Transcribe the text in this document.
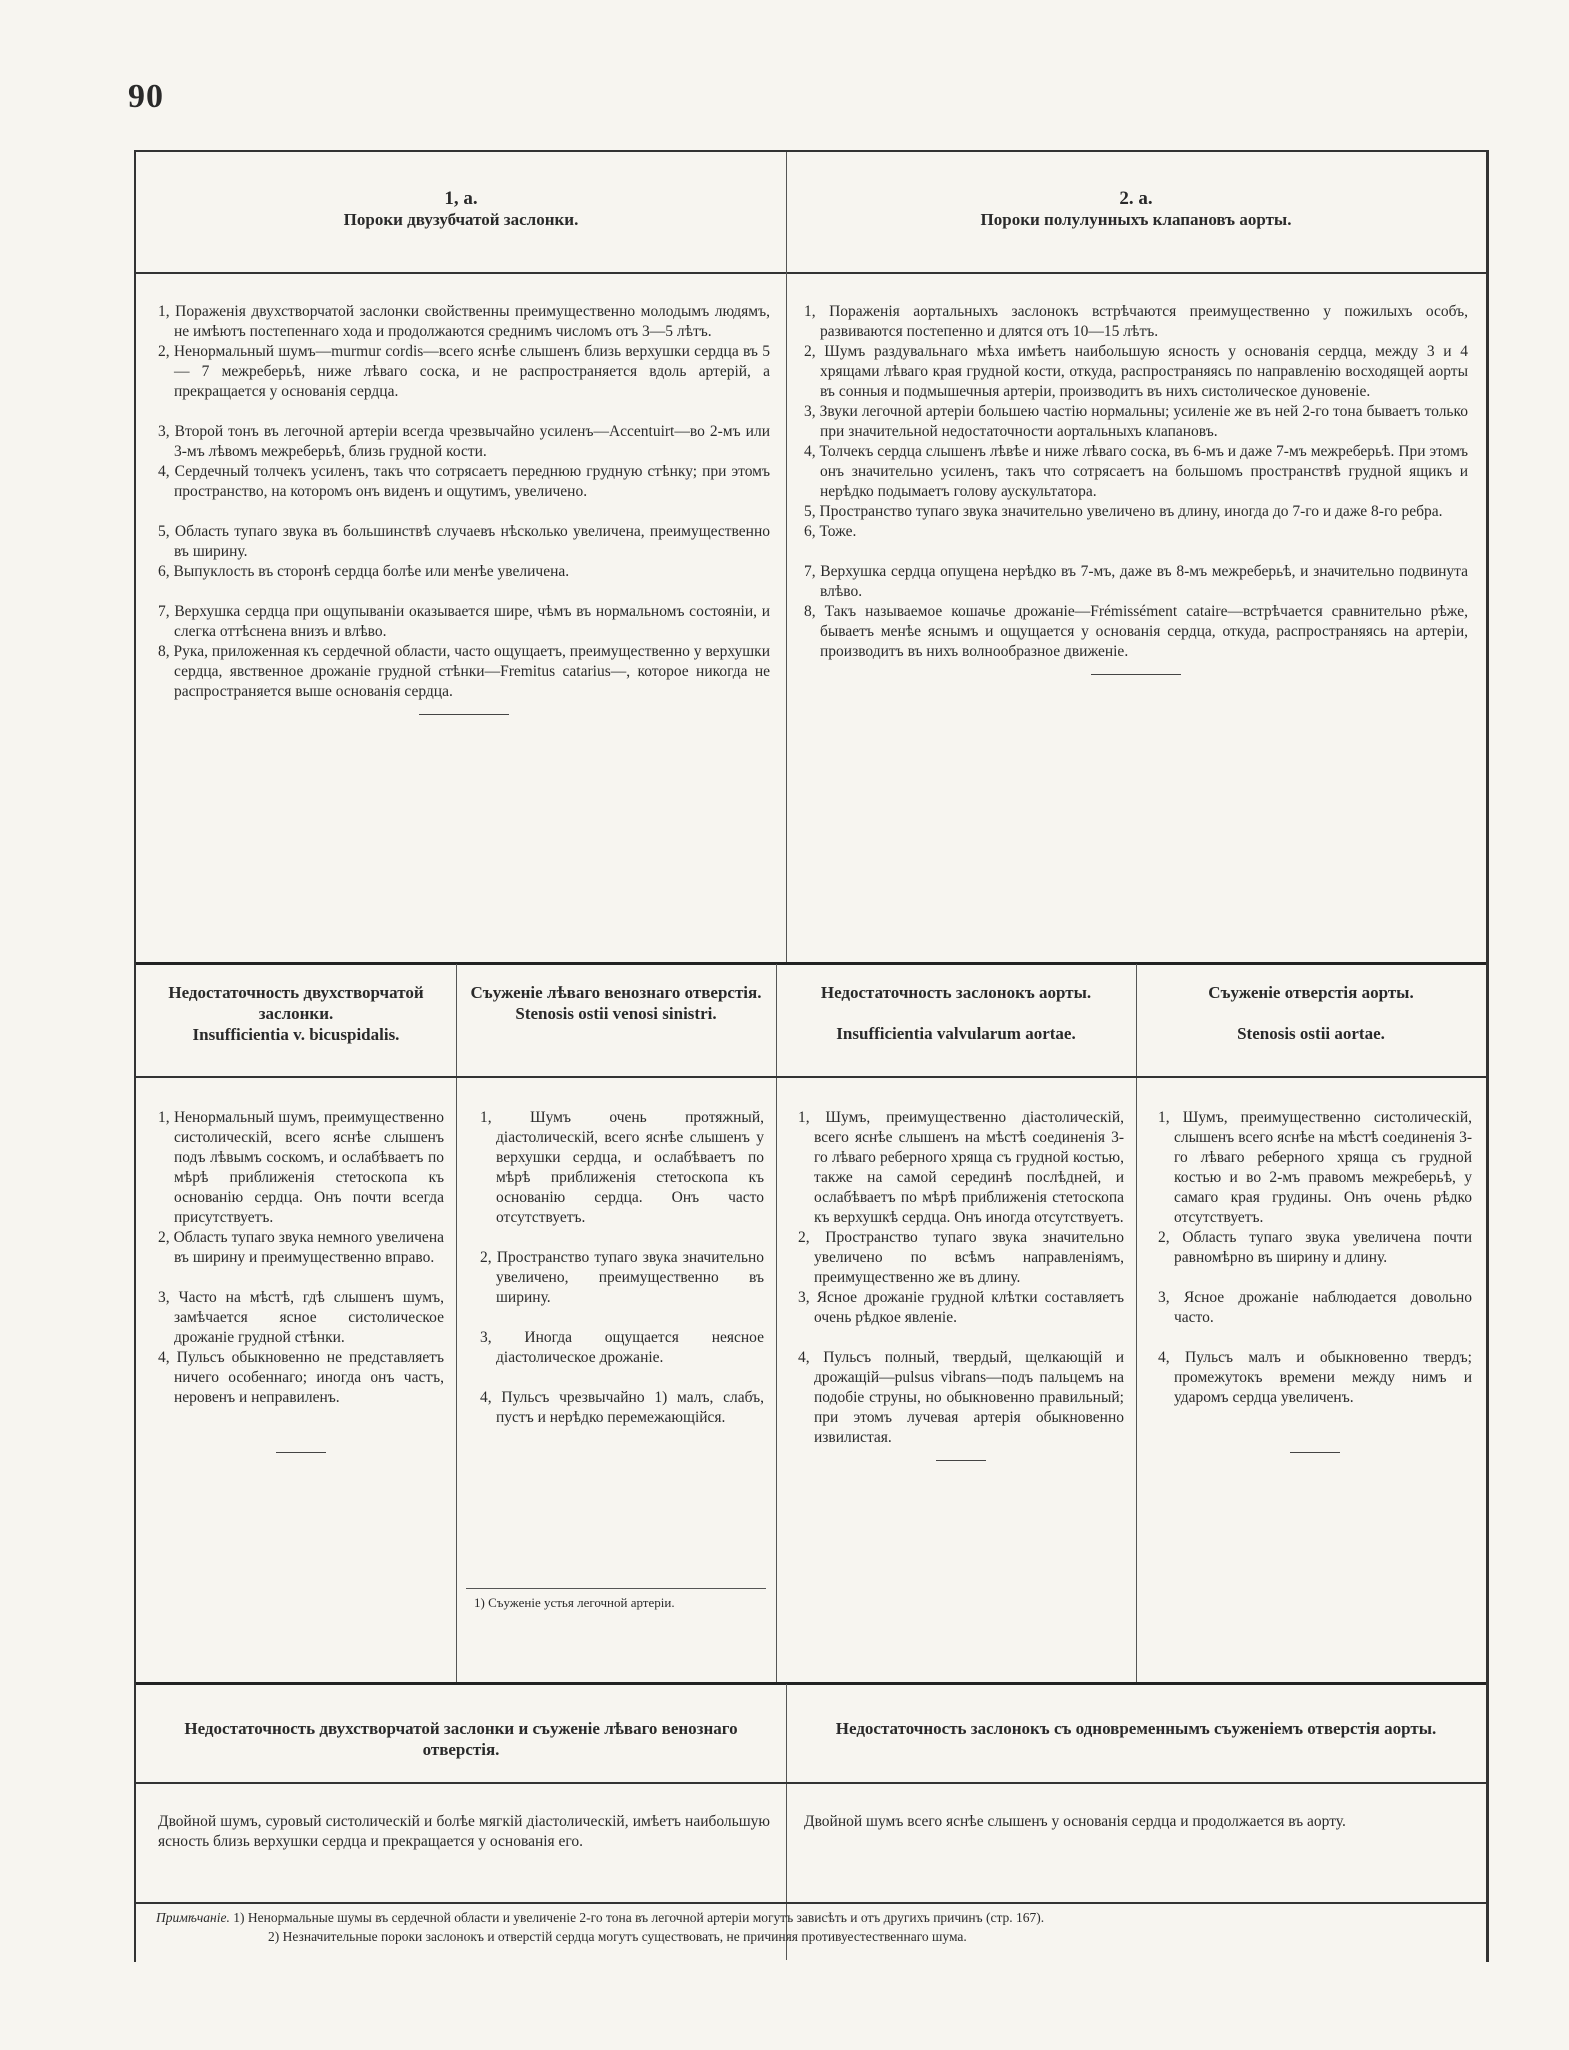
90
1, a.
Пороки двузубчатой заслонки.
2. a.
Пороки полулунныхъ клапановъ аорты.
1, Пораженія двухстворчатой заслонки свойственны преимущественно молодымъ людямъ, не имѣютъ постепеннаго хода и продолжаются среднимъ числомъ отъ 3—5 лѣтъ.
2, Ненормальный шумъ—murmur cordis—всего яснѣе слышенъ близь верхушки сердца въ 5 — 7 межреберьѣ, ниже лѣваго соска, и не распространяется вдоль артерій, а прекращается у основанія сердца.
3, Второй тонъ въ легочной артеріи всегда чрезвычайно усиленъ—Accentuirt—во 2-мъ или 3-мъ лѣвомъ межреберьѣ, близь грудной кости.
4, Сердечный толчекъ усиленъ, такъ что сотрясаетъ переднюю грудную стѣнку; при этомъ пространство, на которомъ онъ виденъ и ощутимъ, увеличено.
5, Область тупаго звука въ большинствѣ случаевъ нѣсколько увеличена, преимущественно въ ширину.
6, Выпуклость въ сторонѣ сердца болѣе или менѣе увеличена.
7, Верхушка сердца при ощупываніи оказывается шире, чѣмъ въ нормальномъ состояніи, и слегка оттѣснена внизъ и влѣво.
8, Рука, приложенная къ сердечной области, часто ощущаетъ, преимущественно у верхушки сердца, явственное дрожаніе грудной стѣнки—Fremitus catarius—, которое никогда не распространяется выше основанія сердца.
1, Пораженія аортальныхъ заслонокъ встрѣчаются преимущественно у пожилыхъ особъ, развиваются постепенно и длятся отъ 10—15 лѣтъ.
2, Шумъ раздувальнаго мѣха имѣетъ наибольшую ясность у основанія сердца, между 3 и 4 хрящами лѣваго края грудной кости, откуда, распространяясь по направленію восходящей аорты въ сонныя и подмышечныя артеріи, производитъ въ нихъ систолическое дуновеніе.
3, Звуки легочной артеріи большею частію нормальны; усиленіе же въ ней 2-го тона бываетъ только при значительной недостаточности аортальныхъ клапановъ.
4, Толчекъ сердца слышенъ лѣвѣе и ниже лѣваго соска, въ 6-мъ и даже 7-мъ межреберьѣ. При этомъ онъ значительно усиленъ, такъ что сотрясаетъ на большомъ пространствѣ грудной ящикъ и нерѣдко подымаетъ голову аускультатора.
5, Пространство тупаго звука значительно увеличено въ длину, иногда до 7-го и даже 8-го ребра.
6, Тоже.
7, Верхушка сердца опущена нерѣдко въ 7-мъ, даже въ 8-мъ межреберьѣ, и значительно подвинута влѣво.
8, Такъ называемое кошачье дрожаніе—Frémissément cataire—встрѣчается сравнительно рѣже, бываетъ менѣе яснымъ и ощущается у основанія сердца, откуда, распространяясь на артеріи, производитъ въ нихъ волнообразное движеніе.
Недостаточность двухстворчатой заслонки.
Insufficientia v. bicuspidalis.
Съуженіе лѣваго венознаго отверстія.
Stenosis ostii venosi sinistri.
Недостаточность заслонокъ аорты.
Insufficientia valvularum aortae.
Съуженіе отверстія аорты.
Stenosis ostii aortae.
1, Ненормальный шумъ, преимущественно систолическій, всего яснѣе слышенъ подъ лѣвымъ соскомъ, и ослабѣваетъ по мѣрѣ приближенія стетоскопа къ основанію сердца. Онъ почти всегда присутствуетъ.
2, Область тупаго звука немного увеличена въ ширину и преимущественно вправо.
3, Часто на мѣстѣ, гдѣ слышенъ шумъ, замѣчается ясное систолическое дрожаніе грудной стѣнки.
4, Пульсъ обыкновенно не представляетъ ничего особеннаго; иногда онъ частъ, неровенъ и неправиленъ.
1, Шумъ очень протяжный, діастолическій, всего яснѣе слышенъ у верхушки сердца, и ослабѣваетъ по мѣрѣ приближенія стетоскопа къ основанію сердца. Онъ часто отсутствуетъ.
2, Пространство тупаго звука значительно увеличено, преимущественно въ ширину.
3, Иногда ощущается неясное діастолическое дрожаніе.
4, Пульсъ чрезвычайно 1) малъ, слабъ, пустъ и нерѣдко перемежающійся.
1) Съуженіе устья легочной артеріи.
1, Шумъ, преимущественно діастолическій, всего яснѣе слышенъ на мѣстѣ соединенія 3-го лѣваго реберного хряща съ грудной костью, также на самой серединѣ послѣдней, и ослабѣваетъ по мѣрѣ приближенія стетоскопа къ верхушкѣ сердца. Онъ иногда отсутствуетъ.
2, Пространство тупаго звука значительно увеличено по всѣмъ направленіямъ, преимущественно же въ длину.
3, Ясное дрожаніе грудной клѣтки составляетъ очень рѣдкое явленіе.
4, Пульсъ полный, твердый, щелкающій и дрожащій—pulsus vibrans—подъ пальцемъ на подобіе струны, но обыкновенно правильный; при этомъ лучевая артерія обыкновенно извилистая.
1, Шумъ, преимущественно систолическій, слышенъ всего яснѣе на мѣстѣ соединенія 3-го лѣваго реберного хряща съ грудной костью и во 2-мъ правомъ межреберьѣ, у самаго края грудины. Онъ очень рѣдко отсутствуетъ.
2, Область тупаго звука увеличена почти равномѣрно въ ширину и длину.
3, Ясное дрожаніе наблюдается довольно часто.
4, Пульсъ малъ и обыкновенно твердъ; промежутокъ времени между нимъ и ударомъ сердца увеличенъ.
Недостаточность двухстворчатой заслонки и съуженіе лѣваго венознаго отверстія.
Недостаточность заслонокъ съ одновременнымъ съуженіемъ отверстія аорты.
Двойной шумъ, суровый систолическій и болѣе мягкій діастолическій, имѣетъ наибольшую ясность близь верхушки сердца и прекращается у основанія его.
Двойной шумъ всего яснѣе слышенъ у основанія сердца и продолжается въ аорту.
Примѣчаніе. 1) Ненормальные шумы въ сердечной области и увеличеніе 2-го тона въ легочной артеріи могутъ зависѣть и отъ другихъ причинъ (стр. 167).
2) Незначительные пороки заслонокъ и отверстій сердца могутъ существовать, не причиняя противуестественнаго шума.
